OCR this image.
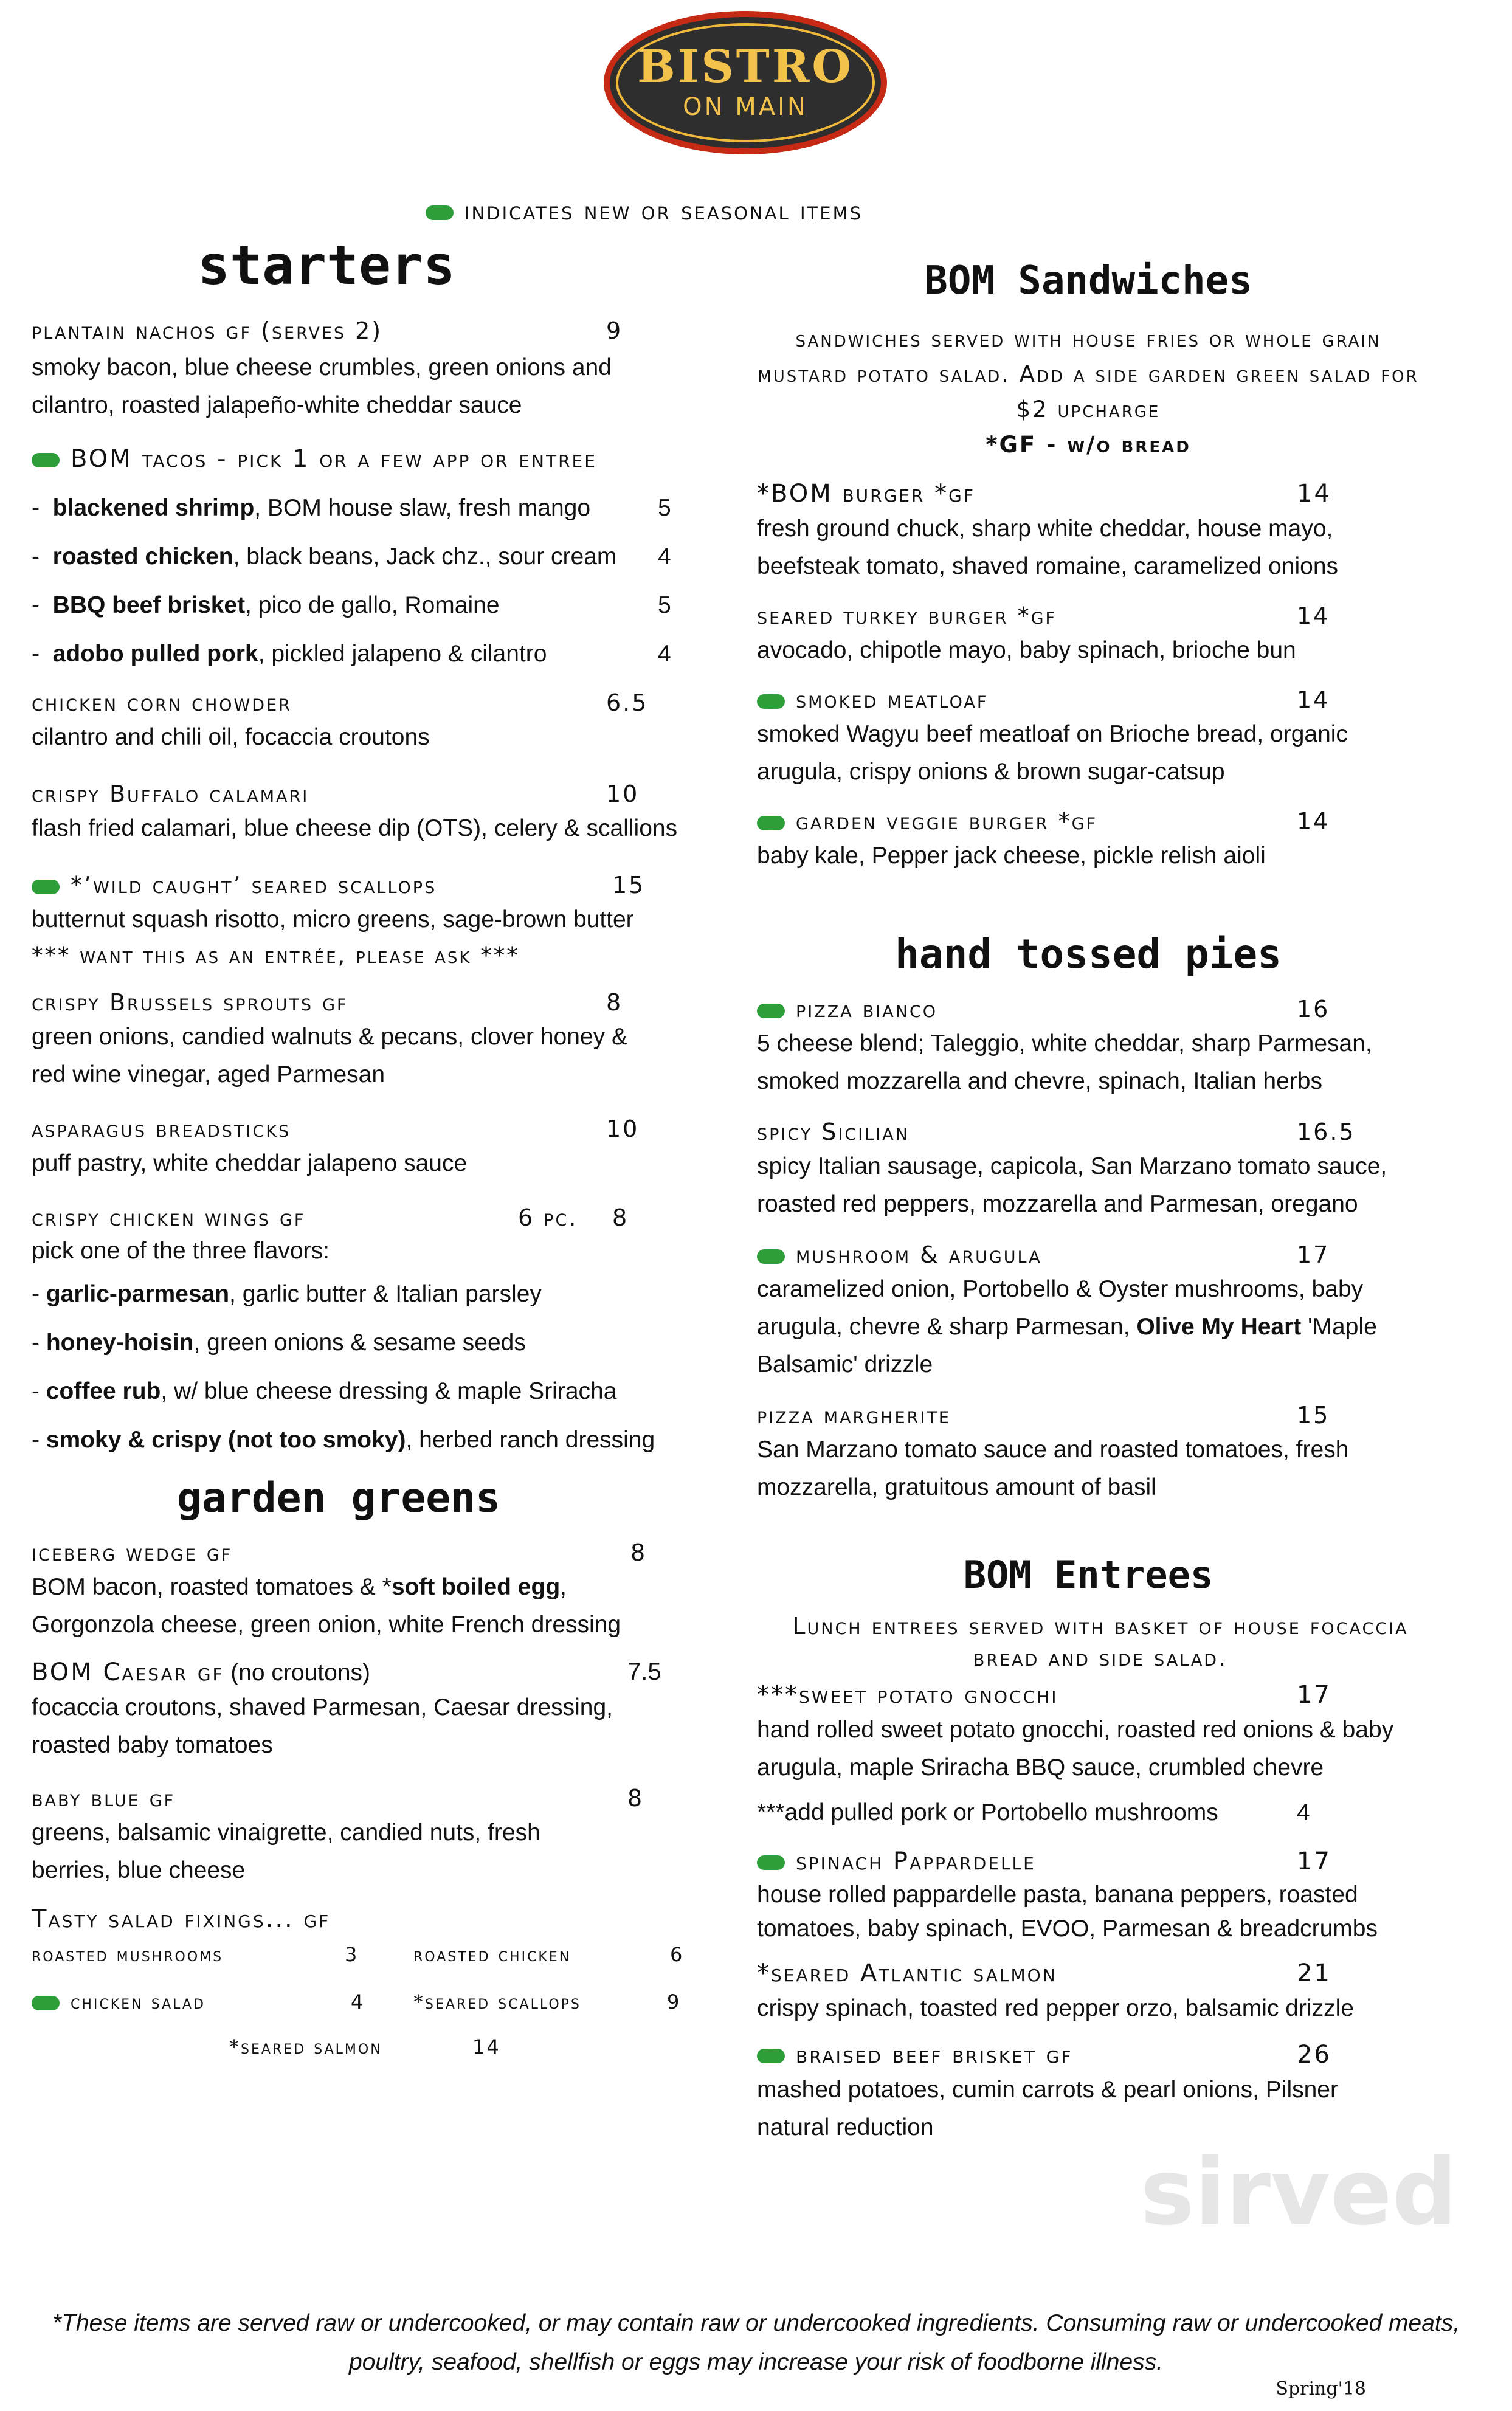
BISTRO
ON MAIN
indicates new or seasonal items
starters
plantain nachos gf (serves 2)	9
smoky bacon, blue cheese crumbles, green onions and cilantro, roasted jalapeño-white cheddar sauce
BOM tacos - pick 1 or a few app or entree
-  blackened shrimp, BOM house slaw, fresh mango	5
-  roasted chicken, black beans, Jack chz., sour cream 4
-  BBQ beef brisket, pico de gallo, Romaine	5
-  adobo pulled pork, pickled jalapeno & cilantro	4
chicken corn chowder	6.5
cilantro and chili oil, focaccia croutons
crispy Buffalo calamari	10
flash fried calamari, blue cheese dip (OTS), celery & scallions
*’wild caught’ seared scallops	15
butternut squash risotto, micro greens, sage-brown butter
*** want this as an entrée, please ask ***
crispy Brussels sprouts gf	8
green onions, candied walnuts & pecans, clover honey & red wine vinegar, aged Parmesan
asparagus breadsticks	10
puff pastry, white cheddar jalapeno sauce
crispy chicken wings gf	6 pc. 8
pick one of the three flavors:
- garlic-parmesan, garlic butter & Italian parsley
- honey-hoisin, green onions & sesame seeds
- coffee rub, w/ blue cheese dressing & maple Sriracha
- smoky & crispy (not too smoky), herbed ranch dressing
garden greens
iceberg wedge gf	8
BOM bacon, roasted tomatoes & *soft boiled egg, Gorgonzola cheese, green onion, white French dressing
BOM Caesar gf (no croutons)	7.5
focaccia croutons, shaved Parmesan, Caesar dressing, roasted baby tomatoes
baby blue gf	8
greens, balsamic vinaigrette, candied nuts, fresh berries, blue cheese
Tasty salad fixings... gf
roasted mushrooms	3	roasted chicken	6
chicken salad	4 *seared scallops	9
*seared salmon	14
BOM Sandwiches
sandwiches served with house fries or whole grain mustard potato salad. Add a side garden green salad for $2 upcharge
*GF - w/o bread
*BOM burger *gf	14
fresh ground chuck, sharp white cheddar, house mayo, beefsteak tomato, shaved romaine, caramelized onions
seared turkey burger *gf	14
avocado, chipotle mayo, baby spinach, brioche bun
smoked meatloaf	14
smoked Wagyu beef meatloaf on Brioche bread, organic arugula, crispy onions & brown sugar-catsup
garden veggie burger *gf	14
baby kale, Pepper jack cheese, pickle relish aioli
hand tossed pies
pizza bianco	16
5 cheese blend; Taleggio, white cheddar, sharp Parmesan, smoked mozzarella and chevre, spinach, Italian herbs
spicy Sicilian	16.5
spicy Italian sausage, capicola, San Marzano tomato sauce, roasted red peppers, mozzarella and Parmesan, oregano
mushroom & arugula	17
caramelized onion, Portobello & Oyster mushrooms, baby arugula, chevre & sharp Parmesan, Olive My Heart 'Maple Balsamic' drizzle
pizza margherite	15
San Marzano tomato sauce and roasted tomatoes, fresh mozzarella, gratuitous amount of basil
BOM Entrees
Lunch entrees served with basket of house focaccia bread and side salad.
***sweet potato gnocchi	17
hand rolled sweet potato gnocchi, roasted red onions & baby arugula, maple Sriracha BBQ sauce, crumbled chevre
***add pulled pork or Portobello mushrooms	4
spinach Pappardelle	17
house rolled pappardelle pasta, banana peppers, roasted tomatoes, baby spinach, EVOO, Parmesan & breadcrumbs
*seared Atlantic salmon	21
crispy spinach, toasted red pepper orzo, balsamic drizzle
braised beef brisket gf	26
mashed potatoes, cumin carrots & pearl onions, Pilsner natural reduction
sirved
*These items are served raw or undercooked, or may contain raw or undercooked ingredients. Consuming raw or undercooked meats, poultry, seafood, shellfish or eggs may increase your risk of foodborne illness.
Spring'18
